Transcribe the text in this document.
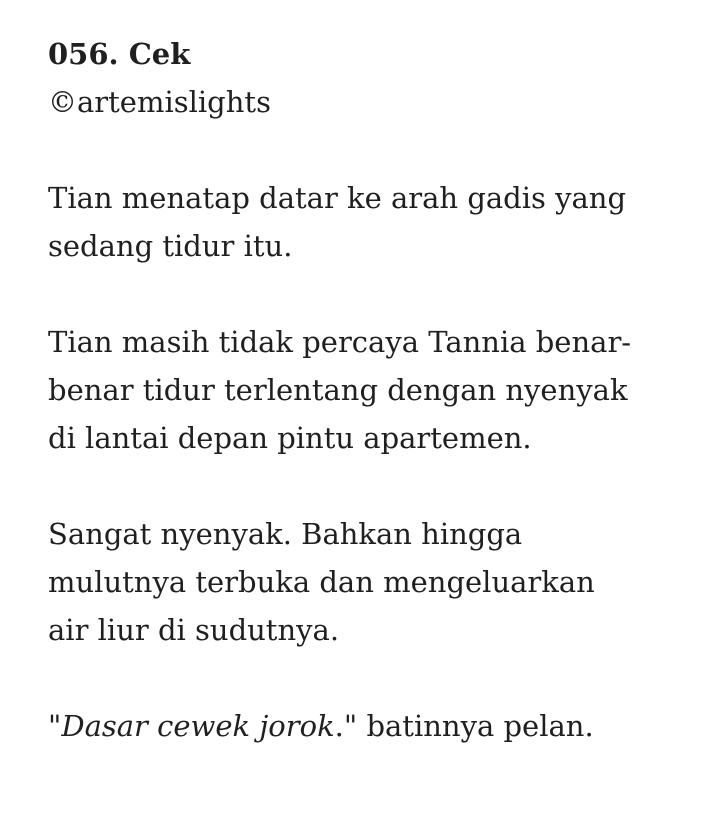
056. Cek
©artemislights
Tian menatap datar ke arah gadis yang
sedang tidur itu.
Tian masih tidak percaya Tannia benar-
benar tidur terlentang dengan nyenyak
di lantai depan pintu apartemen.
Sangat nyenyak. Bahkan hingga
mulutnya terbuka dan mengeluarkan
air liur di sudutnya.
"Dasar cewek jorok." batinnya pelan.
